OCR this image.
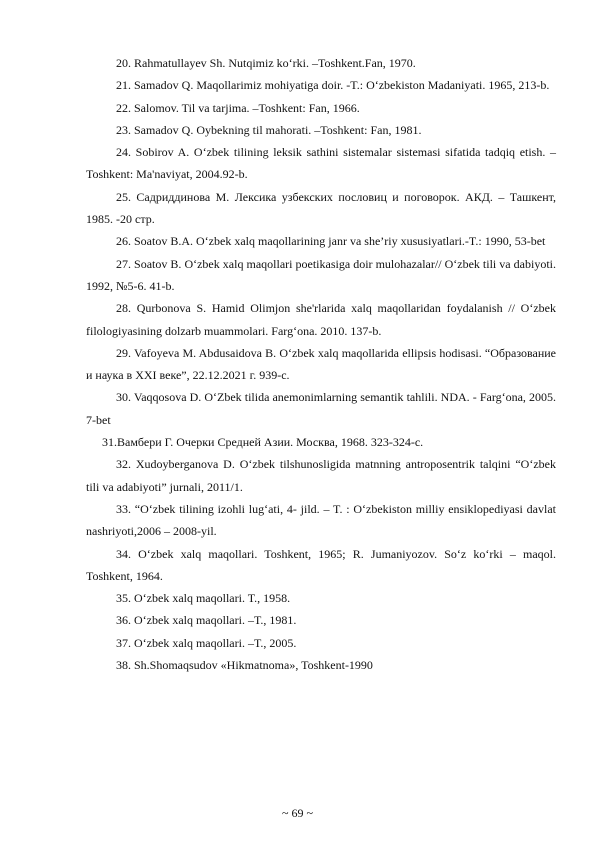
20. Rahmatullayev Sh. Nutqimiz ko‘rki. –Toshkent.Fan, 1970.

21. Samadov Q. Maqollarimiz mohiyatiga doir. -T.: O‘zbekiston Madaniyati. 1965, 213-b.

22. Salomov. Til va tarjima. –Toshkent: Fan, 1966.

23. Samadov Q. Oybekning til mahorati. –Toshkent: Fan, 1981.

24. Sobirov A. O‘zbek tilining leksik sathini sistemalar sistemasi sifatida tadqiq etish. –Toshkent: Ma'naviyat, 2004.92-b.

25. Садриддинова М. Лексика узбекских пословиц и поговорок. АКД. – Ташкент, 1985. -20 стр.

26. Soatov B.A. O‘zbek xalq maqollarining janr va she’riy xususiyatlari.-T.: 1990, 53-bet

27. Soatov B. O‘zbek xalq maqollari poetikasiga doir mulohazalar// O‘zbek tili va dabiyoti. 1992, №5-6. 41-b.

28. Qurbonova S. Hamid Olimjon she'rlarida xalq maqollaridan foydalanish // O‘zbek filologiyasining dolzarb muammolari. Farg‘ona. 2010. 137-b.

29. Vafoyeva M. Abdusaidova B. O‘zbek xalq maqollarida ellipsis hodisasi. “Образование и наука в XXI веке”, 22.12.2021 г. 939-с.

30. Vaqqosova D. O‘Zbek tilida anemonimlarning semantik tahlili. NDA. - Farg‘ona, 2005. 7-bet

31.Вамбери Г. Очерки Средней Азии. Москва, 1968. 323-324-с.

32. Xudoyberganova D. O‘zbek tilshunosligida matnning antroposentrik talqini “O‘zbek tili va adabiyoti” jurnali, 2011/1.

33. “O‘zbek tilining izohli lug‘ati, 4- jild. – T. : O‘zbekiston milliy ensiklopediyasi davlat nashriyoti,2006 – 2008-yil.

34. O‘zbek xalq maqollari. Toshkent, 1965; R. Jumaniyozov. So‘z ko‘rki – maqol. Toshkent, 1964.

35. O‘zbek xalq maqollari. T., 1958.

36. O‘zbek xalq maqollari. –T., 1981.

37. O‘zbek xalq maqollari. –T., 2005.

38. Sh.Shomaqsudov «Hikmatnoma», Toshkent-1990

~ 69 ~
